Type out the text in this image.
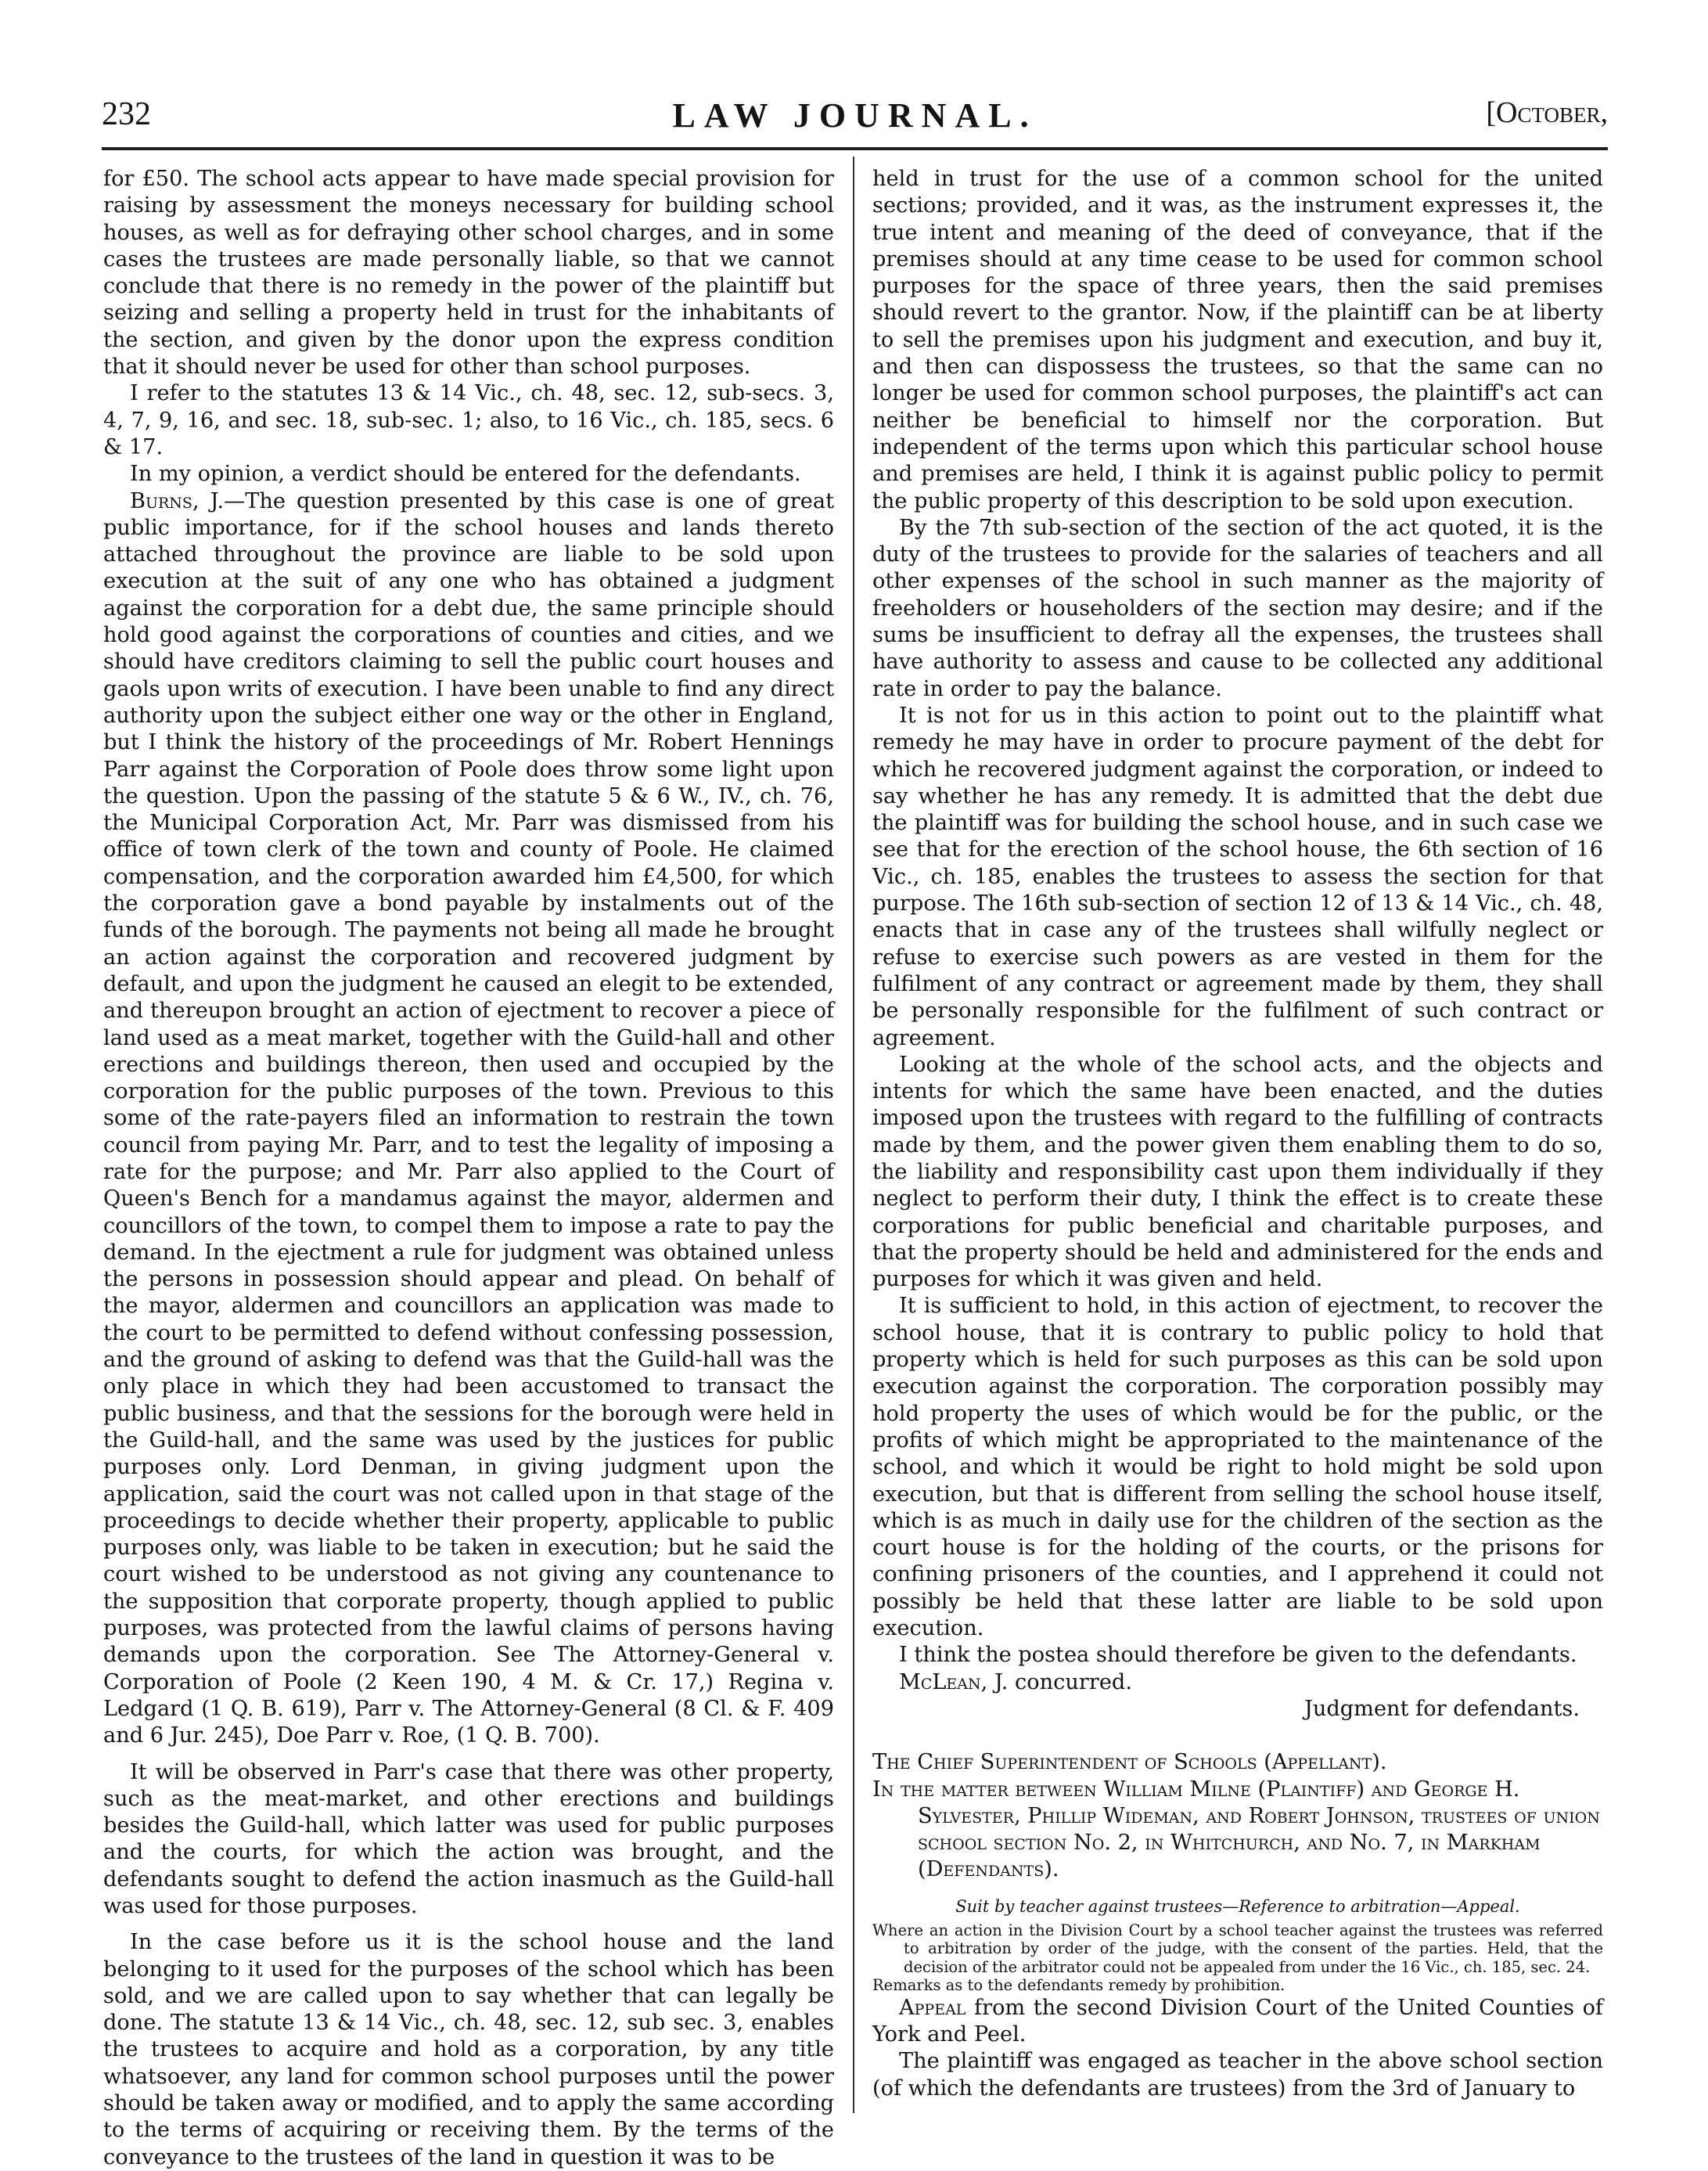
232	LAW JOURNAL.	[October,

for £50. The school acts appear to have made special provision for raising by assessment the moneys necessary for building school houses, as well as for defraying other school charges, and in some cases the trustees are made personally liable, so that we cannot conclude that there is no remedy in the power of the plaintiff but seizing and selling a property held in trust for the inhabitants of the section, and given by the donor upon the express condition that it should never be used for other than school purposes.

I refer to the statutes 13 & 14 Vic., ch. 48, sec. 12, sub-secs. 3, 4, 7, 9, 16, and sec. 18, sub-sec. 1; also, to 16 Vic., ch. 185, secs. 6 & 17.

In my opinion, a verdict should be entered for the defendants.

Burns, J.—The question presented by this case is one of great public importance, for if the school houses and lands thereto attached throughout the province are liable to be sold upon execution at the suit of any one who has obtained a judgment against the corporation for a debt due, the same principle should hold good against the corporations of counties and cities, and we should have creditors claiming to sell the public court houses and gaols upon writs of execution. I have been unable to find any direct authority upon the subject either one way or the other in England, but I think the history of the proceedings of Mr. Robert Hennings Parr against the Corporation of Poole does throw some light upon the question. Upon the passing of the statute 5 & 6 W., IV., ch. 76, the Municipal Corporation Act, Mr. Parr was dismissed from his office of town clerk of the town and county of Poole. He claimed compensation, and the corporation awarded him £4,500, for which the corporation gave a bond payable by instalments out of the funds of the borough. The payments not being all made he brought an action against the corporation and recovered judgment by default, and upon the judgment he caused an elegit to be extended, and thereupon brought an action of ejectment to recover a piece of land used as a meat market, together with the Guild-hall and other erections and buildings thereon, then used and occupied by the corporation for the public purposes of the town. Previous to this some of the rate-payers filed an information to restrain the town council from paying Mr. Parr, and to test the legality of imposing a rate for the purpose; and Mr. Parr also applied to the Court of Queen's Bench for a mandamus against the mayor, aldermen and councillors of the town, to compel them to impose a rate to pay the demand. In the ejectment a rule for judgment was obtained unless the persons in possession should appear and plead. On behalf of the mayor, aldermen and councillors an application was made to the court to be permitted to defend without confessing possession, and the ground of asking to defend was that the Guild-hall was the only place in which they had been accustomed to transact the public business, and that the sessions for the borough were held in the Guild-hall, and the same was used by the justices for public purposes only. Lord Denman, in giving judgment upon the application, said the court was not called upon in that stage of the proceedings to decide whether their property, applicable to public purposes only, was liable to be taken in execution; but he said the court wished to be understood as not giving any countenance to the supposition that corporate property, though applied to public purposes, was protected from the lawful claims of persons having demands upon the corporation. See The Attorney-General v. Corporation of Poole (2 Keen 190, 4 M. & Cr. 17,) Regina v. Ledgard (1 Q. B. 619), Parr v. The Attorney-General (8 Cl. & F. 409 and 6 Jur. 245), Doe Parr v. Roe, (1 Q. B. 700).

It will be observed in Parr's case that there was other property, such as the meat-market, and other erections and buildings besides the Guild-hall, which latter was used for public purposes and the courts, for which the action was brought, and the defendants sought to defend the action inasmuch as the Guild-hall was used for those purposes.

In the case before us it is the school house and the land belonging to it used for the purposes of the school which has been sold, and we are called upon to say whether that can legally be done. The statute 13 & 14 Vic., ch. 48, sec. 12, sub sec. 3, enables the trustees to acquire and hold as a corporation, by any title whatsoever, any land for common school purposes until the power should be taken away or modified, and to apply the same according to the terms of acquiring or receiving them. By the terms of the conveyance to the trustees of the land in question it was to be

held in trust for the use of a common school for the united sections; provided, and it was, as the instrument expresses it, the true intent and meaning of the deed of conveyance, that if the premises should at any time cease to be used for common school purposes for the space of three years, then the said premises should revert to the grantor. Now, if the plaintiff can be at liberty to sell the premises upon his judgment and execution, and buy it, and then can dispossess the trustees, so that the same can no longer be used for common school purposes, the plaintiff's act can neither be beneficial to himself nor the corporation. But independent of the terms upon which this particular school house and premises are held, I think it is against public policy to permit the public property of this description to be sold upon execution.

By the 7th sub-section of the section of the act quoted, it is the duty of the trustees to provide for the salaries of teachers and all other expenses of the school in such manner as the majority of freeholders or householders of the section may desire; and if the sums be insufficient to defray all the expenses, the trustees shall have authority to assess and cause to be collected any additional rate in order to pay the balance.

It is not for us in this action to point out to the plaintiff what remedy he may have in order to procure payment of the debt for which he recovered judgment against the corporation, or indeed to say whether he has any remedy. It is admitted that the debt due the plaintiff was for building the school house, and in such case we see that for the erection of the school house, the 6th section of 16 Vic., ch. 185, enables the trustees to assess the section for that purpose. The 16th sub-section of section 12 of 13 & 14 Vic., ch. 48, enacts that in case any of the trustees shall wilfully neglect or refuse to exercise such powers as are vested in them for the fulfilment of any contract or agreement made by them, they shall be personally responsible for the fulfilment of such contract or agreement.

Looking at the whole of the school acts, and the objects and intents for which the same have been enacted, and the duties imposed upon the trustees with regard to the fulfilling of contracts made by them, and the power given them enabling them to do so, the liability and responsibility cast upon them individually if they neglect to perform their duty, I think the effect is to create these corporations for public beneficial and charitable purposes, and that the property should be held and administered for the ends and purposes for which it was given and held.

It is sufficient to hold, in this action of ejectment, to recover the school house, that it is contrary to public policy to hold that property which is held for such purposes as this can be sold upon execution against the corporation. The corporation possibly may hold property the uses of which would be for the public, or the profits of which might be appropriated to the maintenance of the school, and which it would be right to hold might be sold upon execution, but that is different from selling the school house itself, which is as much in daily use for the children of the section as the court house is for the holding of the courts, or the prisons for confining prisoners of the counties, and I apprehend it could not possibly be held that these latter are liable to be sold upon execution.

I think the postea should therefore be given to the defendants.

McLean, J. concurred.

Judgment for defendants.

The Chief Superintendent of Schools (Appellant).

In the matter between William Milne (Plaintiff) and George H. Sylvester, Phillip Wideman, and Robert Johnson, trustees of union school section No. 2, in Whitchurch, and No. 7, in Markham (Defendants).

Suit by teacher against trustees—Reference to arbitration—Appeal.

Where an action in the Division Court by a school teacher against the trustees was referred to arbitration by order of the judge, with the consent of the parties. Held, that the decision of the arbitrator could not be appealed from under the 16 Vic., ch. 185, sec. 24.

Remarks as to the defendants remedy by prohibition.

Appeal from the second Division Court of the United Counties of York and Peel.

The plaintiff was engaged as teacher in the above school section (of which the defendants are trustees) from the 3rd of January to
